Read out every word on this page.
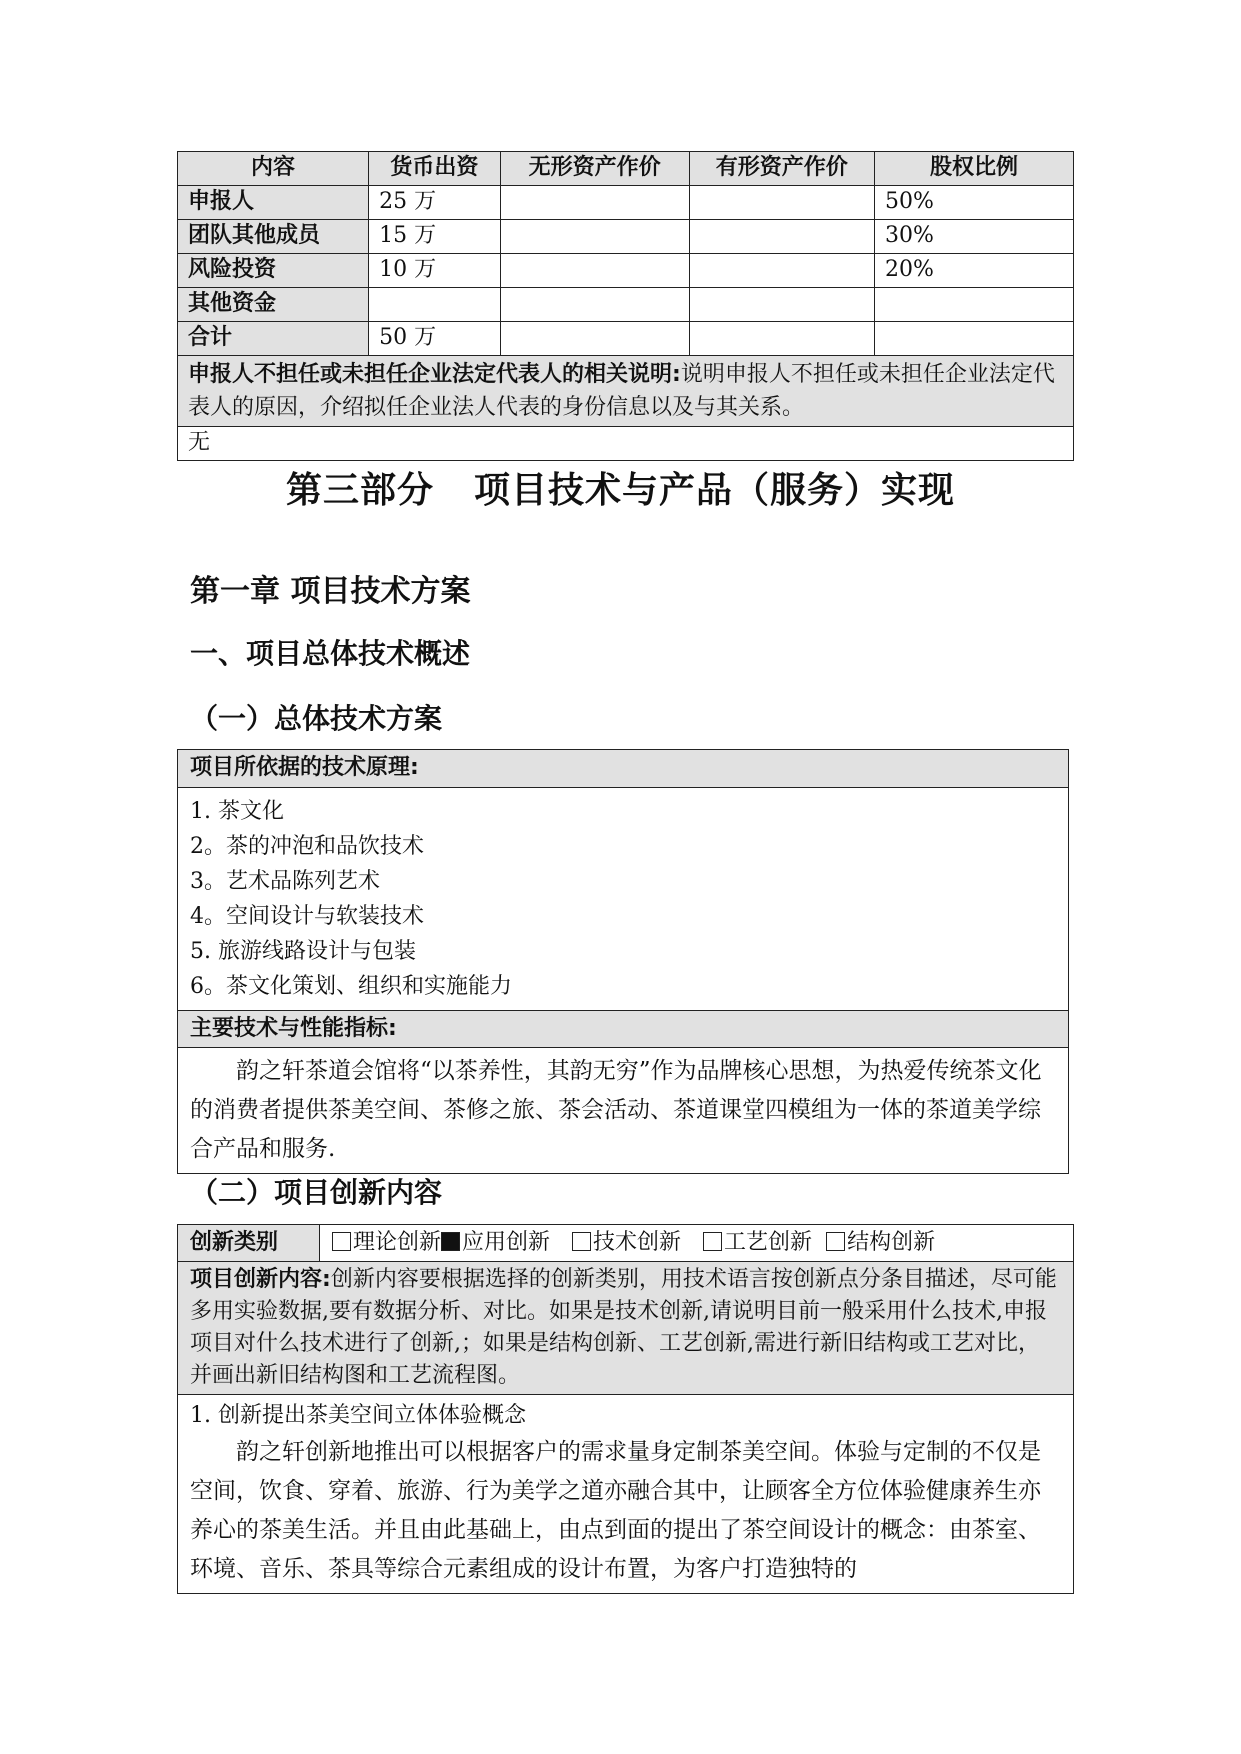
内容	货币出资	无形资产作价	有形资产作价	股权比例
申报人	25 万			50%
团队其他成员	15 万			30%
风险投资	10 万			20%
其他资金				
合计	50 万			
申报人不担任或未担任企业法定代表人的相关说明:说明申报人不担任或未担任企业法定代表人的原因，介绍拟任企业法人代表的身份信息以及与其关系。				
无				
第三部分 项目技术与产品（服务）实现
第一章 项目技术方案
一、项目总体技术概述
（一）总体技术方案
项目所依据的技术原理:

1. 茶文化
2。茶的冲泡和品饮技术
3。艺术品陈列艺术
4。空间设计与软装技术
5. 旅游线路设计与包装
6。茶文化策划、组织和实施能力

主要技术与性能指标:
韵之轩茶道会馆将“以茶养性，其韵无穷”作为品牌核心思想，为热爱传统茶文化的消费者提供茶美空间、茶修之旅、茶会活动、茶道课堂四模组为一体的茶道美学综合产品和服务.
（二）项目创新内容
创新类别	理论创新 应用创新 技术创新 工艺创新 结构创新
项目创新内容:创新内容要根据选择的创新类别，用技术语言按创新点分条目描述，尽可能多用实验数据,要有数据分析、对比。如果是技术创新,请说明目前一般采用什么技术,申报项目对什么技术进行了创新,；如果是结构创新、工艺创新,需进行新旧结构或工艺对比，并画出新旧结构图和工艺流程图。

1. 创新提出茶美空间立体体验概念
韵之轩创新地推出可以根据客户的需求量身定制茶美空间。体验与定制的不仅是空间，饮食、穿着、旅游、行为美学之道亦融合其中，让顾客全方位体验健康养生亦养心的茶美生活。并且由此基础上，由点到面的提出了茶空间设计的概念：由茶室、环境、音乐、茶具等综合元素组成的设计布置，为客户打造独特的
